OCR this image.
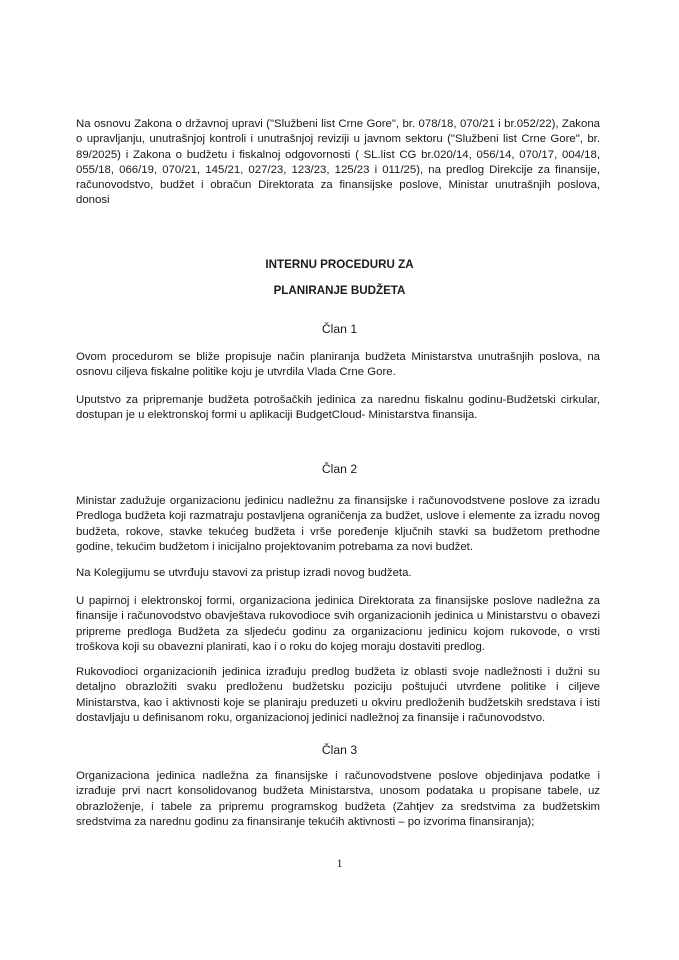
Na osnovu Zakona o državnoj upravi ("Službeni list Crne Gore", br. 078/18, 070/21 i br.052/22), Zakona o upravljanju, unutrašnjoj kontroli i unutrašnjoj reviziji u javnom sektoru ("Službeni list Crne Gore", br. 89/2025) i Zakona o budžetu i fiskalnoj odgovornosti ( SL.list CG br.020/14, 056/14, 070/17, 004/18, 055/18, 066/19, 070/21, 145/21, 027/23, 123/23, 125/23 i 011/25), na predlog Direkcije za finansije, računovodstvo, budžet i obračun Direktorata za finansijske poslove, Ministar unutrašnjih poslova, donosi

INTERNU PROCEDURU ZA

PLANIRANJE BUDŽETA

Član 1

Ovom procedurom se bliže propisuje način planiranja budžeta Ministarstva unutrašnjih poslova, na osnovu ciljeva fiskalne politike koju je utvrdila Vlada Crne Gore.

Uputstvo za pripremanje budžeta potrošačkih jedinica za narednu fiskalnu godinu-Budžetski cirkular, dostupan je u elektronskoj formi u aplikaciji BudgetCloud- Ministarstva finansija.

Član 2

Ministar zadužuje organizacionu jedinicu nadležnu za finansijske i računovodstvene poslove za izradu Predloga budžeta koji razmatraju postavljena ograničenja za budžet, uslove i elemente za izradu novog budžeta, rokove, stavke tekućeg budžeta i vrše poređenje ključnih stavki sa budžetom prethodne godine, tekućim budžetom i inicijalno projektovanim potrebama za novi budžet.

Na Kolegijumu se utvrđuju stavovi za pristup izradi novog budžeta.

U papirnoj i elektronskoj formi, organizaciona jedinica Direktorata za finansijske poslove nadležna za finansije i računovodstvo obavještava rukovodioce svih organizacionih jedinica u Ministarstvu o obavezi pripreme predloga Budžeta za sljedeću godinu za organizacionu jedinicu kojom rukovode, o vrsti troškova koji su obavezni planirati, kao i o roku do kojeg moraju dostaviti predlog.

Rukovodioci organizacionih jedinica izrađuju predlog budžeta iz oblasti svoje nadležnosti i dužni su detaljno obrazložiti svaku predloženu budžetsku poziciju poštujući utvrđene politike i ciljeve Ministarstva, kao i aktivnosti koje se planiraju preduzeti u okviru predloženih budžetskih sredstava i isti dostavljaju u definisanom roku, organizacionoj jedinici nadležnoj za finansije i računovodstvo.

Član 3

Organizaciona jedinica nadležna za finansijske i računovodstvene poslove objedinjava podatke i izrađuje prvi nacrt konsolidovanog budžeta Ministarstva, unosom podataka u propisane tabele, uz obrazloženje, i tabele za pripremu programskog budžeta (Zahtjev za sredstvima za budžetskim sredstvima za narednu godinu za finansiranje tekućih aktivnosti – po izvorima finansiranja);

1
